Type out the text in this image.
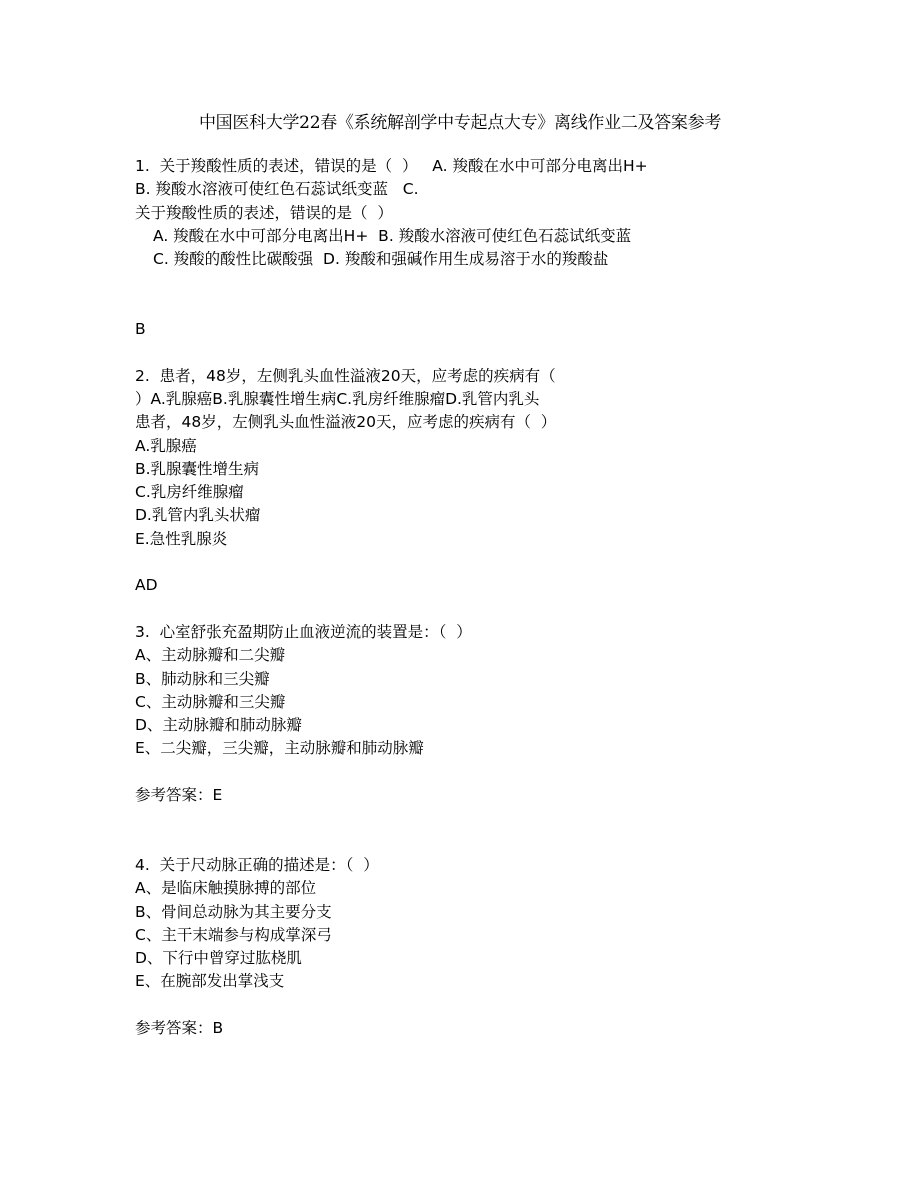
中国医科大学22春《系统解剖学中专起点大专》离线作业二及答案参考
1.  关于羧酸性质的表述，错误的是（  ）   A. 羧酸在水中可部分电离出H+
B. 羧酸水溶液可使红色石蕊试纸变蓝   C.
关于羧酸性质的表述，错误的是（  ）
A. 羧酸在水中可部分电离出H+  B. 羧酸水溶液可使红色石蕊试纸变蓝
C. 羧酸的酸性比碳酸强  D. 羧酸和强碱作用生成易溶于水的羧酸盐
B
2.  患者，48岁，左侧乳头血性溢液20天，应考虑的疾病有（
）A.乳腺癌B.乳腺囊性增生病C.乳房纤维腺瘤D.乳管内乳头
患者，48岁，左侧乳头血性溢液20天，应考虑的疾病有（  ）
A.乳腺癌
B.乳腺囊性增生病
C.乳房纤维腺瘤
D.乳管内乳头状瘤
E.急性乳腺炎
AD
3.  心室舒张充盈期防止血液逆流的装置是：（  ）
A、主动脉瓣和二尖瓣
B、肺动脉和三尖瓣
C、主动脉瓣和三尖瓣
D、主动脉瓣和肺动脉瓣
E、二尖瓣，三尖瓣，主动脉瓣和肺动脉瓣
参考答案：E
4.  关于尺动脉正确的描述是：（  ）
A、是临床触摸脉搏的部位
B、骨间总动脉为其主要分支
C、主干末端参与构成掌深弓
D、下行中曾穿过肱桡肌
E、在腕部发出掌浅支
参考答案：B
